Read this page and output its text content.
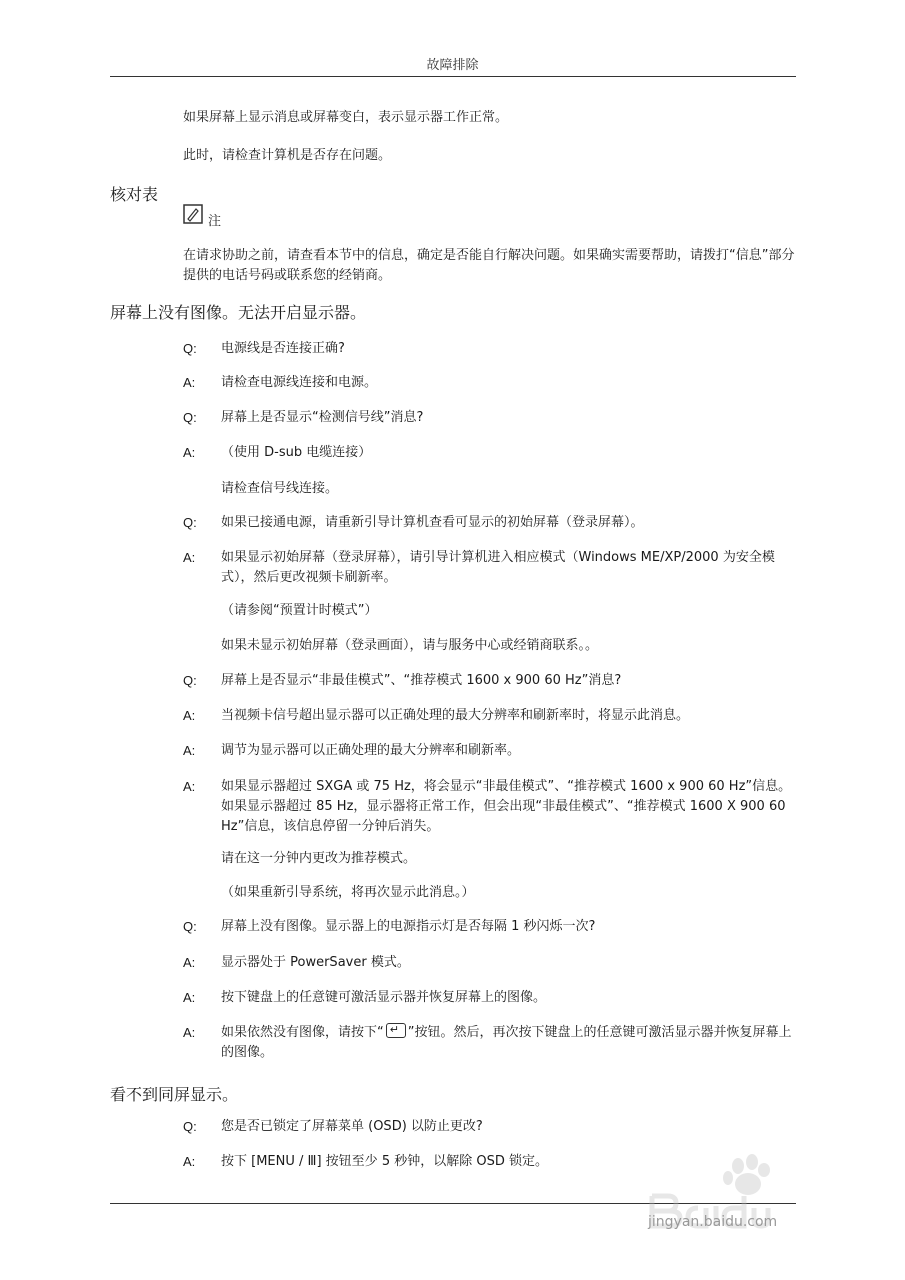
故障排除
如果屏幕上显示消息或屏幕变白，表示显示器工作正常。
此时，请检查计算机是否存在问题。
核对表
注
在请求协助之前，请查看本节中的信息，确定是否能自行解决问题。如果确实需要帮助，请拨打“信息”部分提供的电话号码或联系您的经销商。
屏幕上没有图像。无法开启显示器。
Q: 电源线是否连接正确?
A: 请检查电源线连接和电源。
Q: 屏幕上是否显示“检测信号线”消息?
A: （使用 D-sub 电缆连接）
请检查信号线连接。
Q: 如果已接通电源，请重新引导计算机查看可显示的初始屏幕（登录屏幕）。
A: 如果显示初始屏幕（登录屏幕），请引导计算机进入相应模式（Windows ME/XP/2000 为安全模式），然后更改视频卡刷新率。
（请参阅“预置计时模式”）
如果未显示初始屏幕（登录画面），请与服务中心或经销商联系。。
Q: 屏幕上是否显示“非最佳模式”、“推荐模式 1600 x 900 60 Hz”消息?
A: 当视频卡信号超出显示器可以正确处理的最大分辨率和刷新率时，将显示此消息。
A: 调节为显示器可以正确处理的最大分辨率和刷新率。
A: 如果显示器超过 SXGA 或 75 Hz，将会显示“非最佳模式”、“推荐模式 1600 x 900 60 Hz”信息。如果显示器超过 85 Hz，显示器将正常工作，但会出现“非最佳模式”、“推荐模式 1600 X 900 60 Hz”信息，该信息停留一分钟后消失。
请在这一分钟内更改为推荐模式。
（如果重新引导系统，将再次显示此消息。）
Q: 屏幕上没有图像。显示器上的电源指示灯是否每隔 1 秒闪烁一次?
A: 显示器处于 PowerSaver 模式。
A: 按下键盘上的任意键可激活显示器并恢复屏幕上的图像。
A: 如果依然没有图像，请按下“↵ ”按钮。然后，再次按下键盘上的任意键可激活显示器并恢复屏幕上的图像。
看不到同屏显示。
Q: 您是否已锁定了屏幕菜单 (OSD) 以防止更改?
A: 按下 [MENU / Ⅲ] 按钮至少 5 秒钟，以解除 OSD 锁定。
jingyan.baidu.com
